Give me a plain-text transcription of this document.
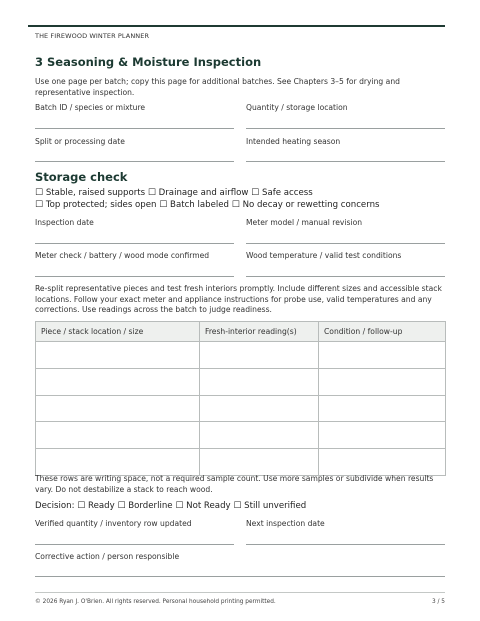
THE FIREWOOD WINTER PLANNER
3 Seasoning & Moisture Inspection

Use one page per batch; copy this page for additional batches. See Chapters 3–5 for drying and representative inspection.

Batch ID / species or mixture	Quantity / storage location
Split or processing date	Intended heating season
Storage check
☐ Stable, raised supports ☐ Drainage and airflow ☐ Safe access
☐ Top protected; sides open ☐ Batch labeled ☐ No decay or rewetting concerns
Inspection date	Meter model / manual revision
Meter check / battery / wood mode confirmed	Wood temperature / valid test conditions

Re-split representative pieces and test fresh interiors promptly. Include different sizes and accessible stack locations. Follow your exact meter and appliance instructions for probe use, valid temperatures and any corrections. Use readings across the batch to judge readiness.

Piece / stack location / size	Fresh-interior reading(s)	Condition / follow-up

These rows are writing space, not a required sample count. Use more samples or subdivide when results vary. Do not destabilize a stack to reach wood.

Decision: ☐ Ready ☐ Borderline ☐ Not Ready ☐ Still unverified
Verified quantity / inventory row updated	Next inspection date
Corrective action / person responsible
© 2026 Ryan J. O'Brien. All rights reserved. Personal household printing permitted.	3 / 5
